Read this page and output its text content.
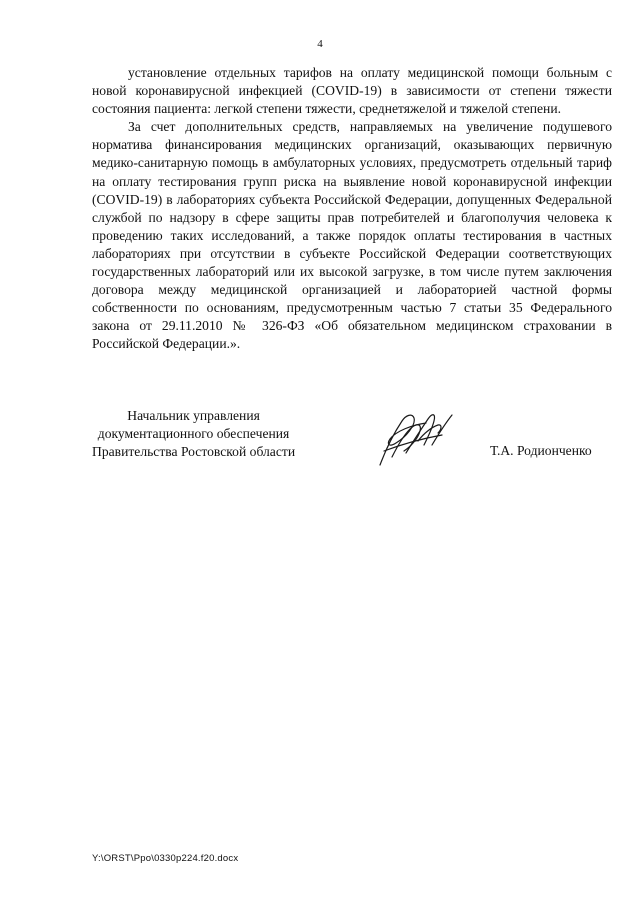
4

установление отдельных тарифов на оплату медицинской помощи больным с новой коронавирусной инфекцией (COVID-19) в зависимости от степени тяжести состояния пациента: легкой степени тяжести, среднетяжелой и тяжелой степени.

За счет дополнительных средств, направляемых на увеличение подушевого норматива финансирования медицинских организаций, оказывающих первичную медико-санитарную помощь в амбулаторных условиях, предусмотреть отдельный тариф на оплату тестирования групп риска на выявление новой коронавирусной инфекции (COVID-19) в лабораториях субъекта Российской Федерации, допущенных Федеральной службой по надзору в сфере защиты прав потребителей и благополучия человека к проведению таких исследований, а также порядок оплаты тестирования в частных лабораториях при отсутствии в субъекте Российской Федерации соответствующих государственных лабораторий или их высокой загрузке, в том числе путем заключения договора между медицинской организацией и лабораторией частной формы собственности по основаниям, предусмотренным частью 7 статьи 35 Федерального закона от 29.11.2010 № 326-ФЗ «Об обязательном медицинском страховании в Российской Федерации.».

Начальник управления
документационного обеспечения
Правительства Ростовской области	Т.А. Родионченко
Y:\ORST\Ppo\0330p224.f20.docx
